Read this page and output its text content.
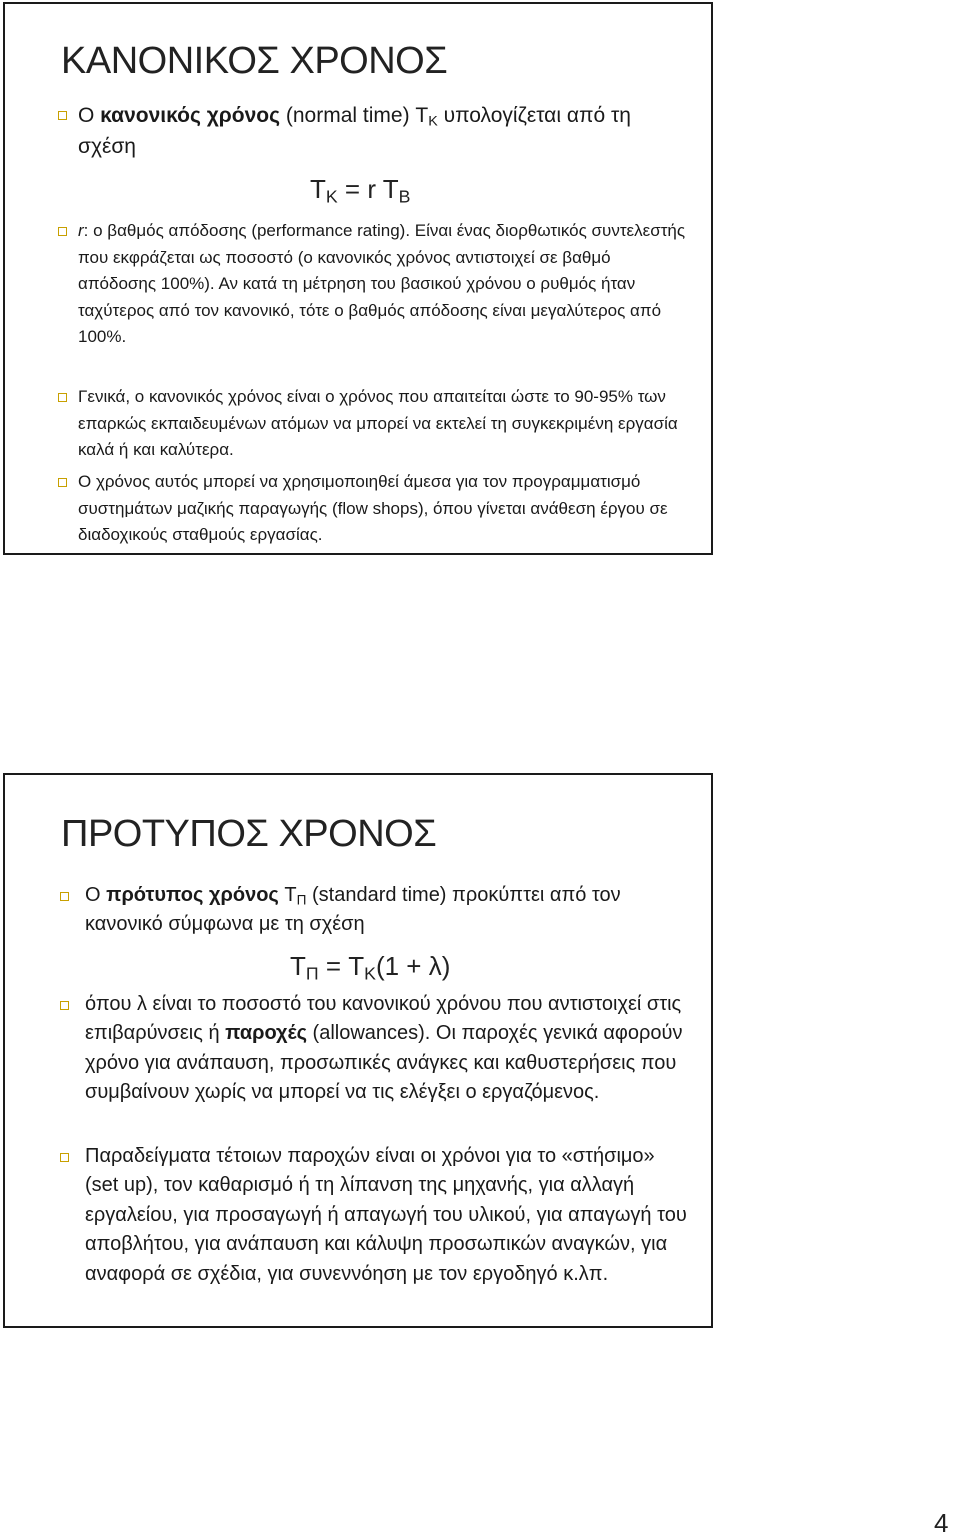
ΚΑΝΟΝΙΚΟΣ ΧΡΟΝΟΣ
Ο κανονικός χρόνος (normal time) $T_K$ υπολογίζεται από τη σχέση
$T_K = r$ $T_B$
r: ο βαθμός απόδοσης (performance rating). Είναι ένας διορθωτικός συντελεστής που εκφράζεται ως ποσοστό (ο κανονικός χρόνος αντιστοιχεί σε βαθμό απόδοσης 100%). Αν κατά τη μέτρηση του βασικού χρόνου ο ρυθμός ήταν ταχύτερος από τον κανονικό, τότε ο βαθμός απόδοσης είναι μεγαλύτερος από 100%.
Γενικά, ο κανονικός χρόνος είναι ο χρόνος που απαιτείται ώστε το 90-95% των επαρκώς εκπαιδευμένων ατόμων να μπορεί να εκτελεί τη συγκεκριμένη εργασία καλά ή και καλύτερα.
Ο χρόνος αυτός μπορεί να χρησιμοποιηθεί άμεσα για τον προγραμματισμό συστημάτων μαζικής παραγωγής (flow shops), όπου γίνεται ανάθεση έργου σε διαδοχικούς σταθμούς εργασίας.
ΠΡΟΤΥΠΟΣ ΧΡΟΝΟΣ
Ο πρότυπος χρόνος $T_\Pi$ (standard time) προκύπτει από τον κανονικό σύμφωνα με τη σχέση
$T_\Pi = T_K(1 + \lambda)$
όπου λ είναι το ποσοστό του κανονικού χρόνου που αντιστοιχεί στις επιβαρύνσεις ή παροχές (allowances). Οι παροχές γενικά αφορούν χρόνο για ανάπαυση, προσωπικές ανάγκες και καθυστερήσεις που συμβαίνουν χωρίς να μπορεί να τις ελέγξει ο εργαζόμενος.
Παραδείγματα τέτοιων παροχών είναι οι χρόνοι για το «στήσιμο» (set up), τον καθαρισμό ή τη λίπανση της μηχανής, για αλλαγή εργαλείου, για προσαγωγή ή απαγωγή του υλικού, για απαγωγή του αποβλήτου, για ανάπαυση και κάλυψη προσωπικών αναγκών, για αναφορά σε σχέδια, για συνεννόηση με τον εργοδηγό κ.λπ.
4
